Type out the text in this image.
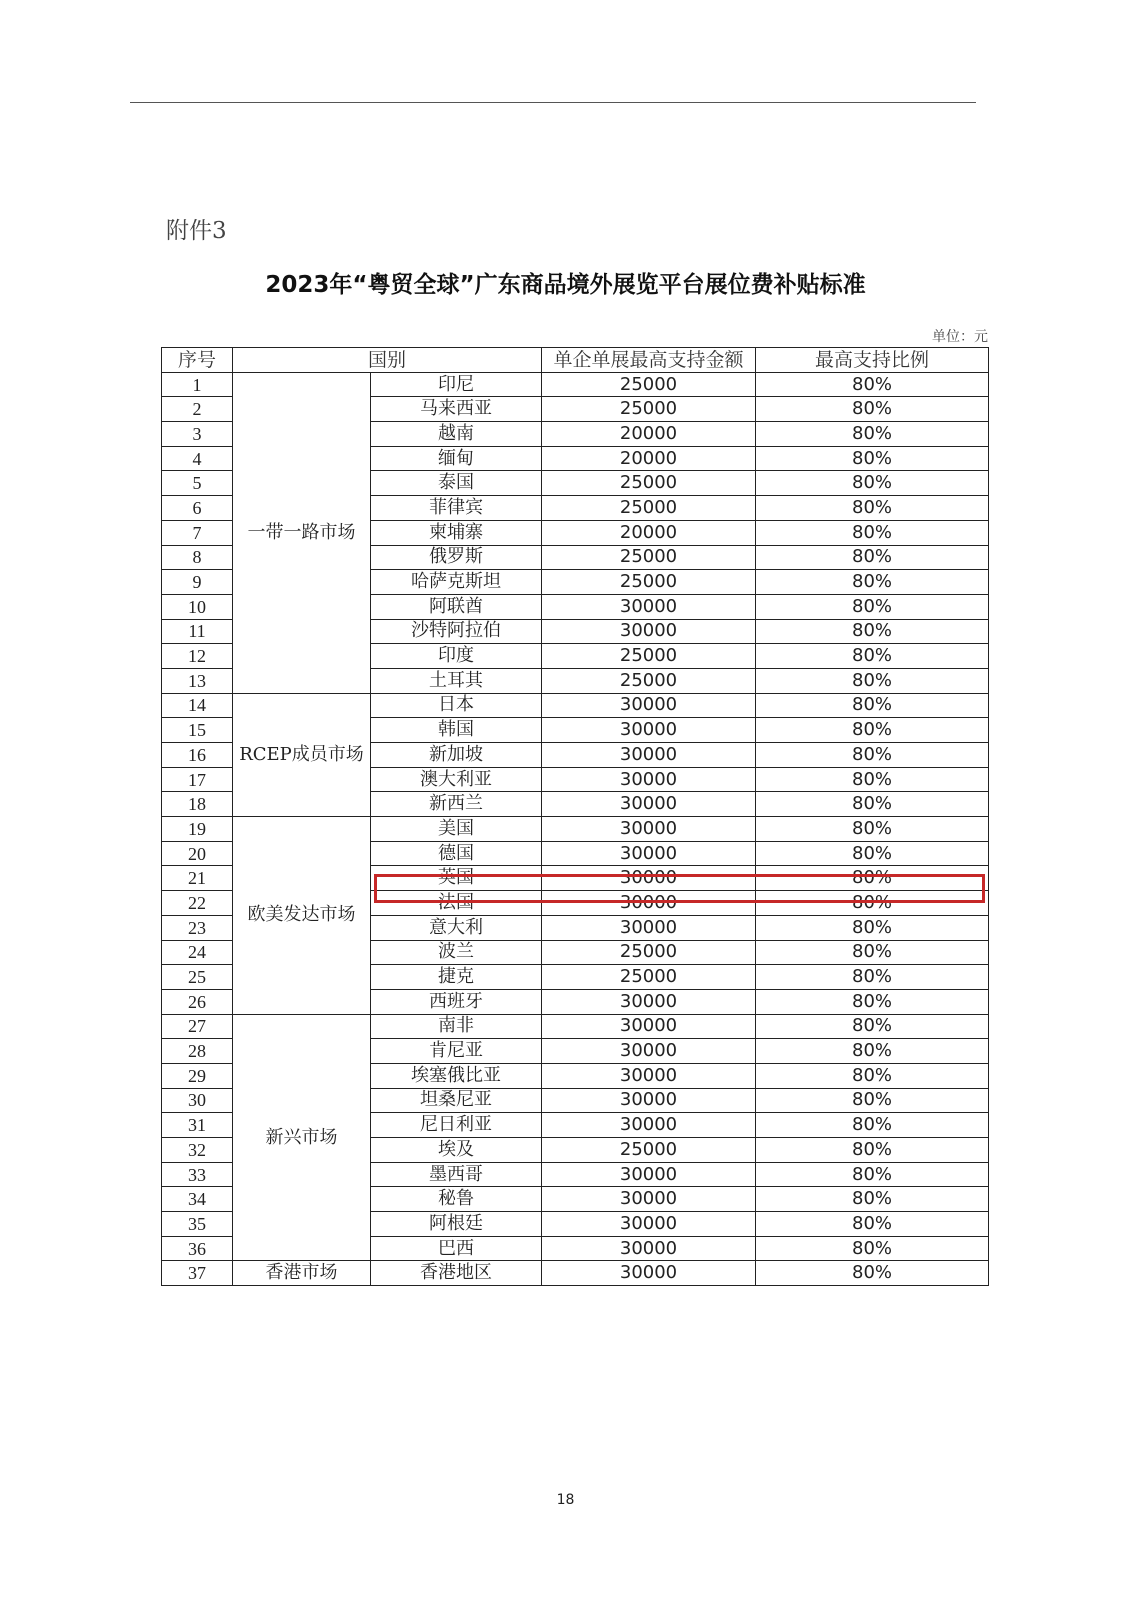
附件3
2023年“粤贸全球”广东商品境外展览平台展位费补贴标准
单位：元
序号	国别		单企单展最高支持金额	最高支持比例
1	一带一路市场	印尼	25000	80%
2		马来西亚	25000	80%
3		越南	20000	80%
4		缅甸	20000	80%
5		泰国	25000	80%
6		菲律宾	25000	80%
7		柬埔寨	20000	80%
8		俄罗斯	25000	80%
9		哈萨克斯坦	25000	80%
10		阿联酋	30000	80%
11		沙特阿拉伯	30000	80%
12		印度	25000	80%
13		土耳其	25000	80%
14	RCEP成员市场	日本	30000	80%
15		韩国	30000	80%
16		新加坡	30000	80%
17		澳大利亚	30000	80%
18		新西兰	30000	80%
19	欧美发达市场	美国	30000	80%
20		德国	30000	80%
21		英国	30000	80%
22		法国	30000	80%
23		意大利	30000	80%
24		波兰	25000	80%
25		捷克	25000	80%
26		西班牙	30000	80%
27	新兴市场	南非	30000	80%
28		肯尼亚	30000	80%
29		埃塞俄比亚	30000	80%
30		坦桑尼亚	30000	80%
31		尼日利亚	30000	80%
32		埃及	25000	80%
33		墨西哥	30000	80%
34		秘鲁	30000	80%
35		阿根廷	30000	80%
36		巴西	30000	80%
37	香港市场	香港地区	30000	80%
18
